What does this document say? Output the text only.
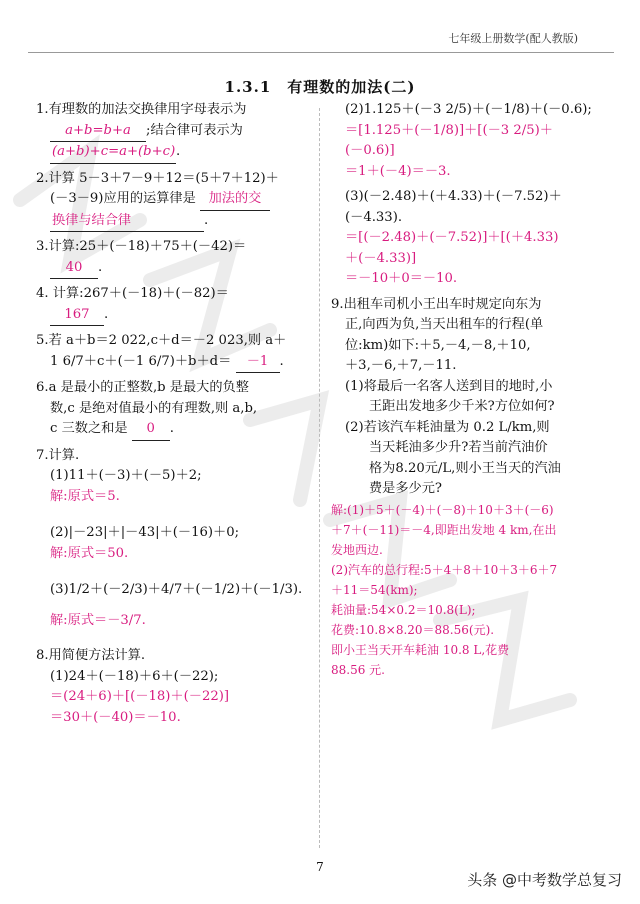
七年级上册数学(配人教版)
1.3.1　有理数的加法(二)
1.有理数的加法交换律用字母表示为
a+b=b+a ;结合律可表示为
(a+b)+c=a+(b+c).
2.计算 5－3＋7－9＋12＝(5＋7＋12)＋
(－3－9)应用的运算律是 加法的交
换律与结合律	.
3.计算:25＋(－18)＋75＋(－42)＝
40 .
4. 计算:267＋(－18)＋(－82)＝
167 .
5.若 a＋b＝2 022,c＋d＝－2 023,则 a＋
1 6/7＋c＋(－1 6/7)＋b＋d＝ －1 .
6.a 是最小的正整数,b 是最大的负整
数,c 是绝对值最小的有理数,则 a,b,
c 三数之和是 0 .
7.计算.
(1)11＋(－3)＋(－5)＋2;
解:原式＝5.
(2)|－23|＋|－43|＋(－16)＋0;
解:原式＝50.
(3)1/2＋(－2/3)＋4/7＋(－1/2)＋(－1/3).
解:原式＝－3/7.
8.用简便方法计算.
(1)24＋(－18)＋6＋(－22);
＝(24＋6)＋[(－18)＋(－22)]
＝30＋(－40)＝－10.
(2)1.125＋(－3 2/5)＋(－1/8)＋(－0.6);
＝[1.125＋(－1/8)]＋[(－3 2/5)＋
(－0.6)]
＝1＋(－4)＝－3.
(3)(－2.48)＋(＋4.33)＋(－7.52)＋
(－4.33).
＝[(－2.48)＋(－7.52)]＋[(＋4.33)
＋(－4.33)]
＝－10＋0＝－10.
9.出租车司机小王出车时规定向东为
正,向西为负,当天出租车的行程(单
位:km)如下:＋5,－4,－8,＋10,
＋3,－6,＋7,－11.
(1)将最后一名客人送到目的地时,小
王距出发地多少千米?方位如何?
(2)若该汽车耗油量为 0.2 L/km,则
当天耗油多少升?若当前汽油价
格为8.20元/L,则小王当天的汽油
费是多少元?
解:(1)＋5＋(－4)＋(－8)＋10＋3＋(－6)
＋7＋(－11)＝－4,即距出发地 4 km,在出
发地西边.
(2)汽车的总行程:5＋4＋8＋10＋3＋6＋7
＋11＝54(km);
耗油量:54×0.2＝10.8(L);
花费:10.8×8.20＝88.56(元).
即小王当天开车耗油 10.8 L,花费
88.56 元.
7
头条 @中考数学总复习
